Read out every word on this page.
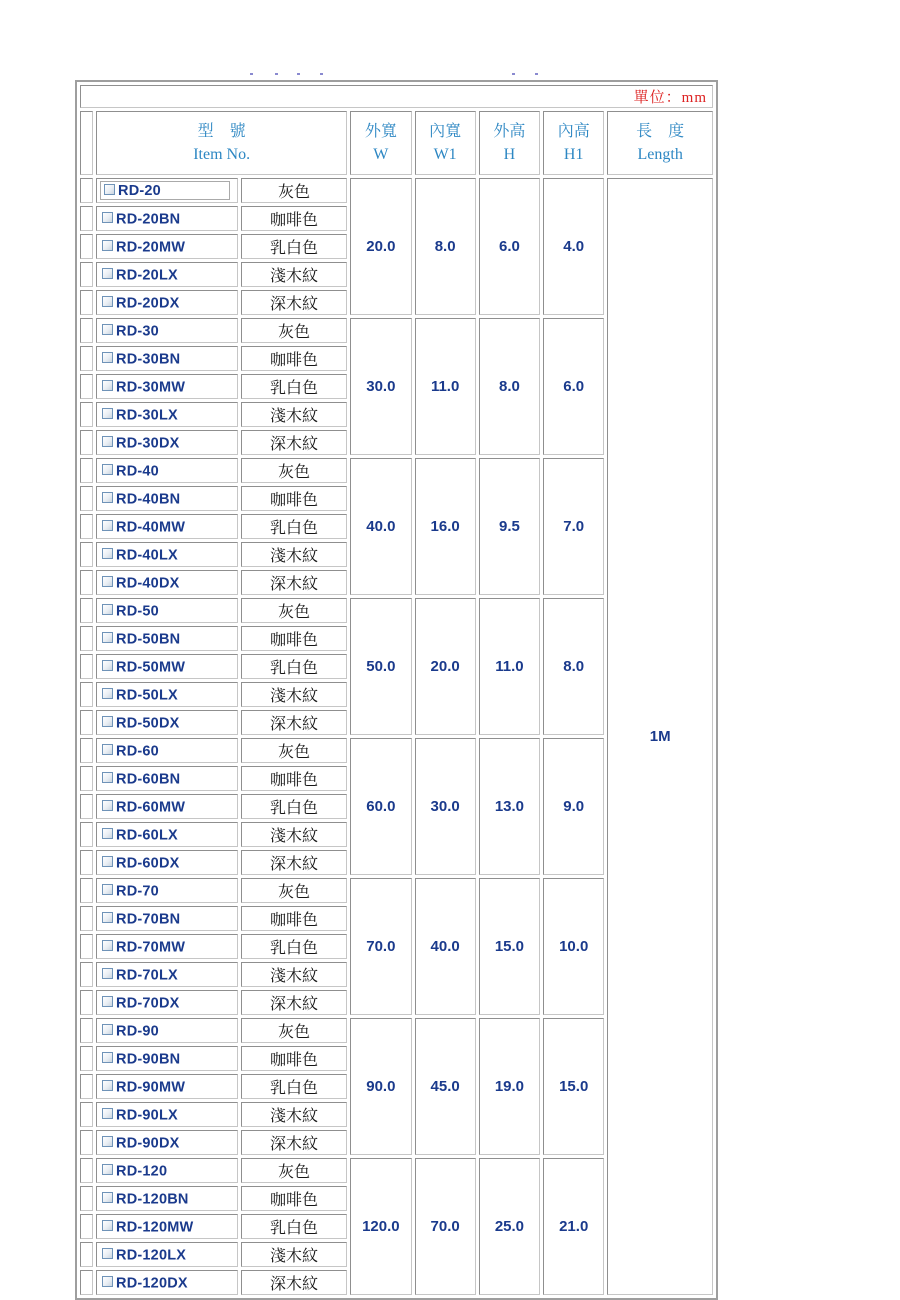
單位：mm							

型　號
Item No.

外寬
W

內寬
W1

外高
H

內高
H1

長　度
Length

	RD-20	灰色	20.0	8.0	6.0	4.0	1M
	RD-20BN	咖啡色					
	RD-20MW	乳白色					
	RD-20LX	淺木紋					
	RD-20DX	深木紋					
	RD-30	灰色	30.0	11.0	8.0	6.0	
	RD-30BN	咖啡色					
	RD-30MW	乳白色					
	RD-30LX	淺木紋					
	RD-30DX	深木紋					
	RD-40	灰色	40.0	16.0	9.5	7.0	
	RD-40BN	咖啡色					
	RD-40MW	乳白色					
	RD-40LX	淺木紋					
	RD-40DX	深木紋					
	RD-50	灰色	50.0	20.0	11.0	8.0	
	RD-50BN	咖啡色					
	RD-50MW	乳白色					
	RD-50LX	淺木紋					
	RD-50DX	深木紋					
	RD-60	灰色	60.0	30.0	13.0	9.0	
	RD-60BN	咖啡色					
	RD-60MW	乳白色					
	RD-60LX	淺木紋					
	RD-60DX	深木紋					
	RD-70	灰色	70.0	40.0	15.0	10.0	
	RD-70BN	咖啡色					
	RD-70MW	乳白色					
	RD-70LX	淺木紋					
	RD-70DX	深木紋					
	RD-90	灰色	90.0	45.0	19.0	15.0	
	RD-90BN	咖啡色					
	RD-90MW	乳白色					
	RD-90LX	淺木紋					
	RD-90DX	深木紋					
	RD-120	灰色	120.0	70.0	25.0	21.0	
	RD-120BN	咖啡色					
	RD-120MW	乳白色					
	RD-120LX	淺木紋					
	RD-120DX	深木紋					
